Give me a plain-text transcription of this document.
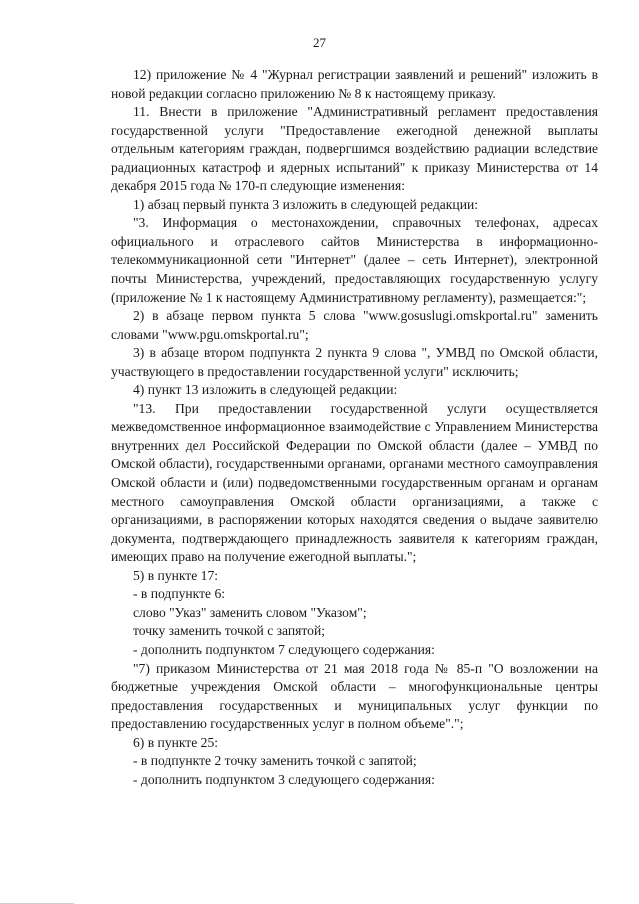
27

12) приложение № 4 "Журнал регистрации заявлений и решений" изложить в новой редакции согласно приложению № 8 к настоящему приказу.

11. Внести в приложение "Административный регламент предоставления государственной услуги "Предоставление ежегодной денежной выплаты отдельным категориям граждан, подвергшимся воздействию радиации вследствие радиационных катастроф и ядерных испытаний" к приказу Министерства от 14 декабря 2015 года № 170-п следующие изменения:

1) абзац первый пункта 3 изложить в следующей редакции:

"3. Информация о местонахождении, справочных телефонах, адресах официального и отраслевого сайтов Министерства в информационно-телекоммуникационной сети "Интернет" (далее – сеть Интернет), электронной почты Министерства, учреждений, предоставляющих государственную услугу (приложение № 1 к настоящему Административному регламенту), размещается:";

2) в абзаце первом пункта 5 слова "www.gosuslugi.omskportal.ru" заменить словами "www.pgu.omskportal.ru";

3) в абзаце втором подпункта 2 пункта 9 слова ", УМВД по Омской области, участвующего в предоставлении государственной услуги" исключить;

4) пункт 13 изложить в следующей редакции:

"13. При предоставлении государственной услуги осуществляется межведомственное информационное взаимодействие с Управлением Министерства внутренних дел Российской Федерации по Омской области (далее – УМВД по Омской области), государственными органами, органами местного самоуправления Омской области и (или) подведомственными государственным органам и органам местного самоуправления Омской области организациями, а также с организациями, в распоряжении которых находятся сведения о выдаче заявителю документа, подтверждающего принадлежность заявителя к категориям граждан, имеющих право на получение ежегодной выплаты.";

5) в пункте 17:

- в подпункте 6:

слово "Указ" заменить словом "Указом";

точку заменить точкой с запятой;

- дополнить подпунктом 7 следующего содержания:

"7) приказом Министерства от 21 мая 2018 года № 85-п "О возложении на бюджетные учреждения Омской области – многофункциональные центры предоставления государственных и муниципальных услуг функции по предоставлению государственных услуг в полном объеме".";

6) в пункте 25:

- в подпункте 2 точку заменить точкой с запятой;

- дополнить подпунктом 3 следующего содержания:
